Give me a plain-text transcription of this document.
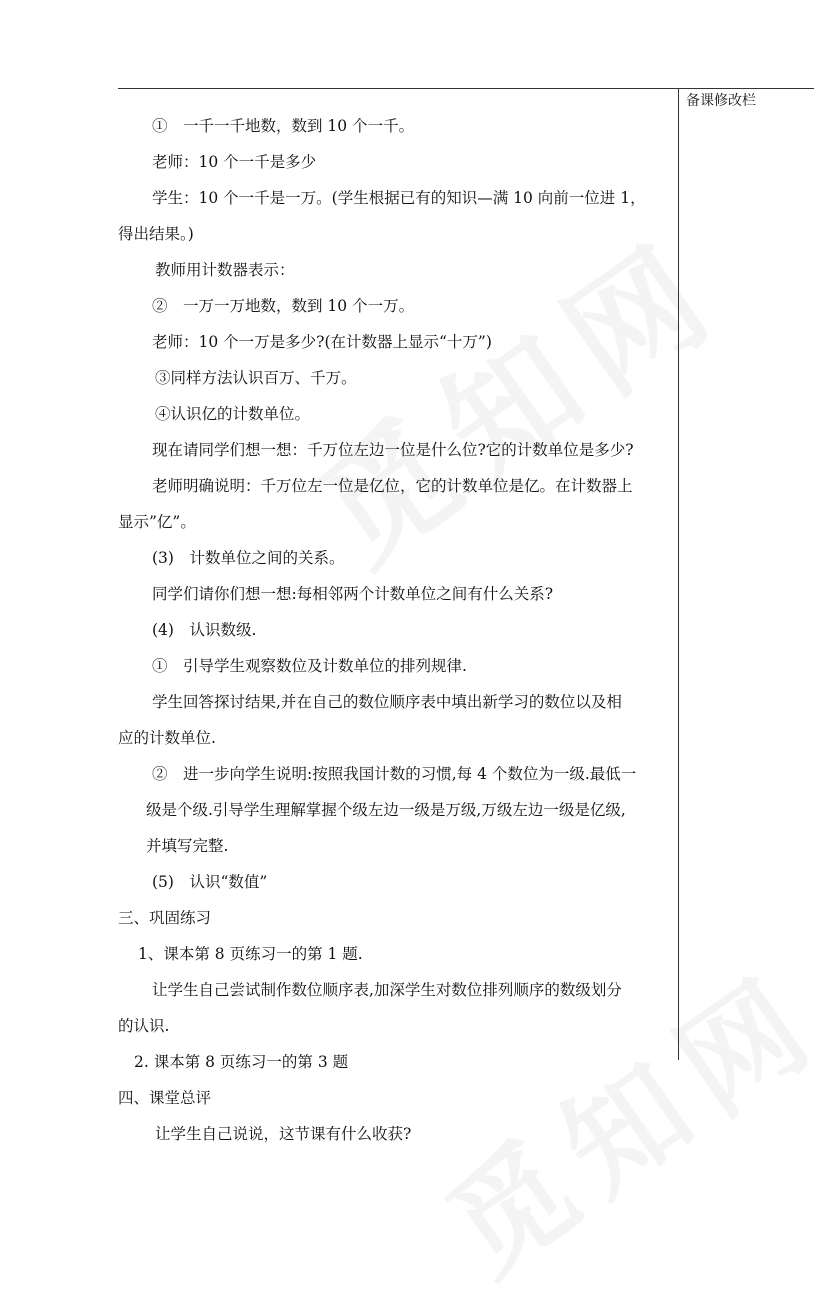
备课修改栏
①　一千一千地数，数到 10 个一千。
老师：10 个一千是多少
学生：10 个一千是一万。(学生根据已有的知识—满 10 向前一位进 1，
得出结果。)
教师用计数器表示：
②　一万一万地数，数到 10 个一万。
老师：10 个一万是多少?(在计数器上显示“十万”)
③同样方法认识百万、千万。
④认识亿的计数单位。
现在请同学们想一想：千万位左边一位是什么位?它的计数单位是多少?
老师明确说明：千万位左一位是亿位，它的计数单位是亿。在计数器上
显示”亿”。
(3)　计数单位之间的关系。
同学们请你们想一想:每相邻两个计数单位之间有什么关系?
(4)　认识数级.
①　引导学生观察数位及计数单位的排列规律.
学生回答探讨结果,并在自己的数位顺序表中填出新学习的数位以及相
应的计数单位.
②　进一步向学生说明:按照我国计数的习惯,每 4 个数位为一级.最低一
级是个级.引导学生理解掌握个级左边一级是万级,万级左边一级是亿级,
并填写完整.
(5)　认识“数值”
三、巩固练习
1、课本第 8 页练习一的第 1 题.
让学生自己尝试制作数位顺序表,加深学生对数位排列顺序的数级划分
的认识.
2. 课本第 8 页练习一的第 3 题
四、课堂总评
让学生自己说说，这节课有什么收获?
